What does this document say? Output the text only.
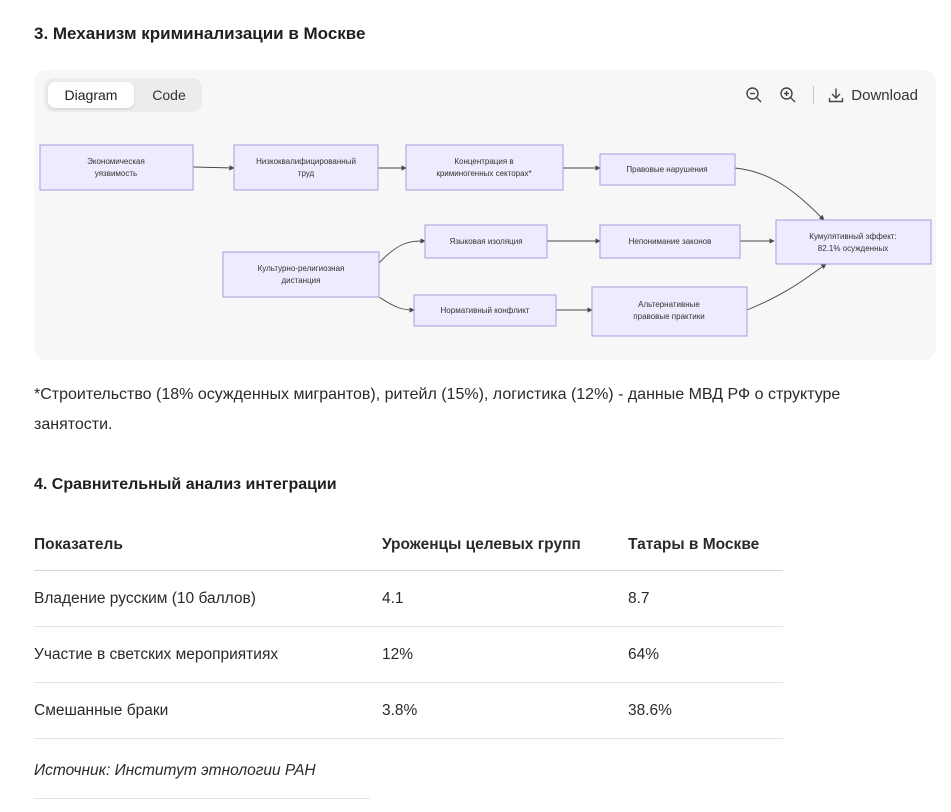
3. Механизм криминализации в Москве
Экономическая
уязвимость
Низкоквалифицированный
труд
Концентрация в
криминогенных секторах*	Правовые нарушения
Культурно-религиозная
дистанция
Языковая изоляция	Непонимание законов
Нормативный конфликт
Альтернативные
правовые практики
Кумулятивный эффект:
82.1% осужденных
Diagram	Code	Download
*Строительство (18% осужденных мигрантов), ритейл (15%), логистика (12%) - данные МВД РФ о структуре занятости.
4. Сравнительный анализ интеграции
Показатель	Уроженцы целевых групп	Татары в Москве
Владение русским (10 баллов)	4.1	8.7
Участие в светских мероприятиях	12%	64%
Смешанные браки	3.8%	38.6%
Источник: Институт этнологии РАН
